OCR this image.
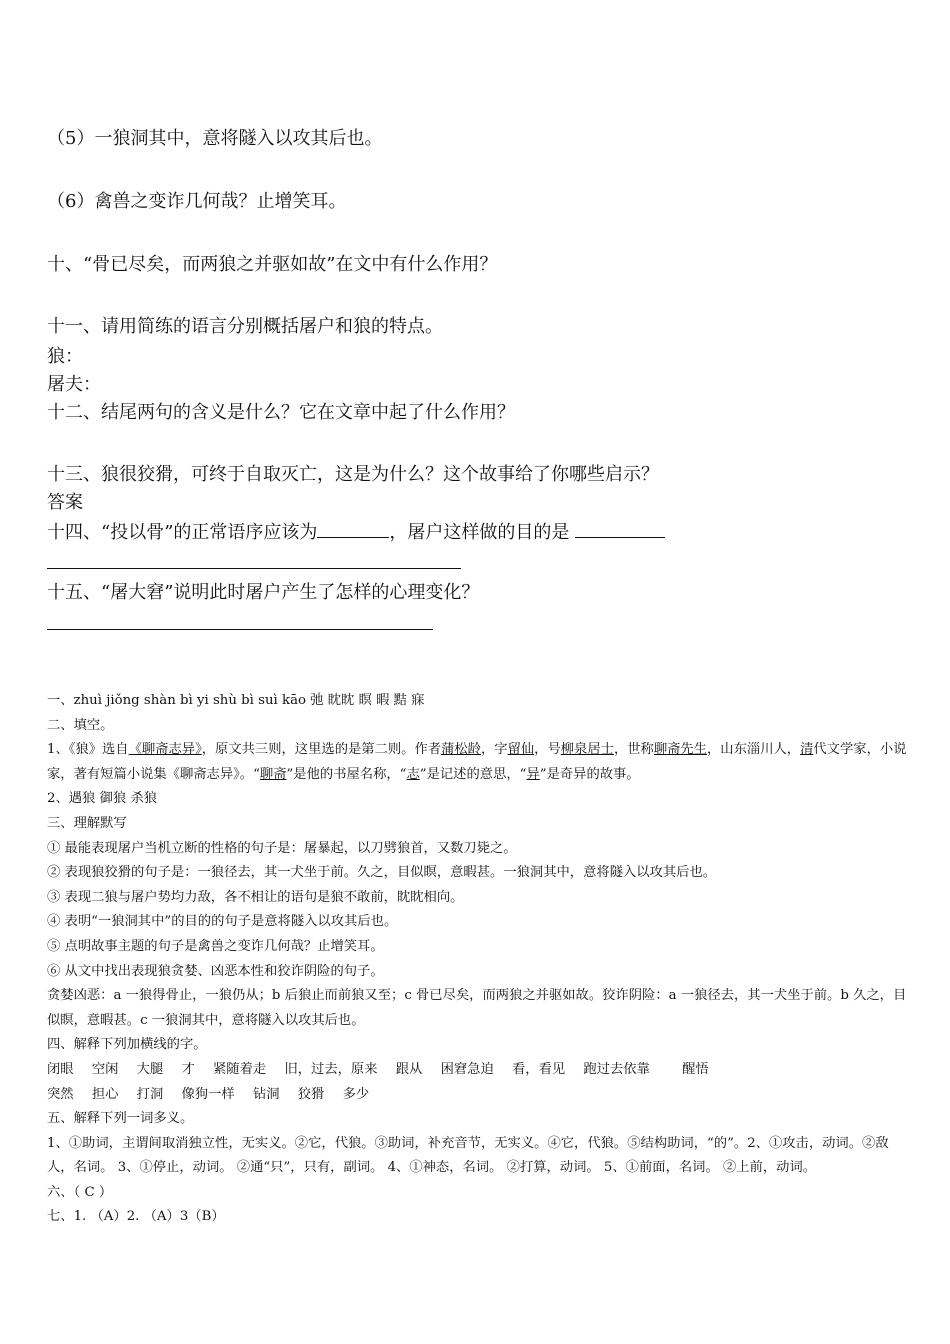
（5）一狼洞其中，意将隧入以攻其后也。
（6）禽兽之变诈几何哉？止增笑耳。
十、“骨已尽矣，而两狼之并驱如故”在文中有什么作用？
十一、请用简练的语言分别概括屠户和狼的特点。
狼：
屠夫：
十二、结尾两句的含义是什么？它在文章中起了什么作用？
十三、狼很狡猾，可终于自取灭亡，这是为什么？这个故事给了你哪些启示？
答案
十四、“投以骨”的正常语序应该为	，屠户这样做的目的是
十五、“屠大窘”说明此时屠户产生了怎样的心理变化？

一、zhuì jiǒng shàn bì yi shù bì suì kāo 弛 眈眈 瞑 暇 黠 寐

二、填空。

1、《狼》选自《聊斋志异》，原文共三则，这里选的是第二则。作者蒲松龄，字留仙，号柳泉居士，世称聊斋先生，山东淄川人，清代文学家，小说家，著有短篇小说集《聊斋志异》。“聊斋”是他的书屋名称，“志”是记述的意思，“异”是奇异的故事。

2、遇狼 御狼 杀狼

三、理解默写

① 最能表现屠户当机立断的性格的句子是：屠暴起，以刀劈狼首，又数刀毙之。

② 表现狼狡猾的句子是：一狼径去，其一犬坐于前。久之，目似瞑，意暇甚。一狼洞其中，意将隧入以攻其后也。

③ 表现二狼与屠户势均力敌，各不相让的语句是狼不敢前，眈眈相向。

④ 表明“一狼洞其中”的目的的句子是意将隧入以攻其后也。

⑤ 点明故事主题的句子是禽兽之变诈几何哉？止增笑耳。

⑥ 从文中找出表现狼贪婪、凶恶本性和狡诈阴险的句子。

贪婪凶恶：a 一狼得骨止，一狼仍从；b 后狼止而前狼又至；c 骨已尽矣，而两狼之并驱如故。狡诈阴险：a 一狼径去，其一犬坐于前。b 久之，目似瞑，意暇甚。c 一狼洞其中，意将隧入以攻其后也。

四、解释下列加横线的字。

闭眼 空闲 大腿 才 紧随着走 旧，过去，原来 跟从 困窘急迫 看，看见 跑过去依靠 醒悟

突然 担心 打洞 像狗一样 钻洞 狡猾 多少

五、解释下列一词多义。

1、①助词，主谓间取消独立性，无实义。②它，代狼。③助词，补充音节，无实义。④它，代狼。⑤结构助词，“的”。2、①攻击，动词。②敌人，名词。 3、①停止，动词。 ②通“只”，只有，副词。 4、①神态，名词。 ②打算，动词。 5、①前面，名词。 ②上前，动词。

六、（ C ）

七、1. （A）2. （A）3（B）
